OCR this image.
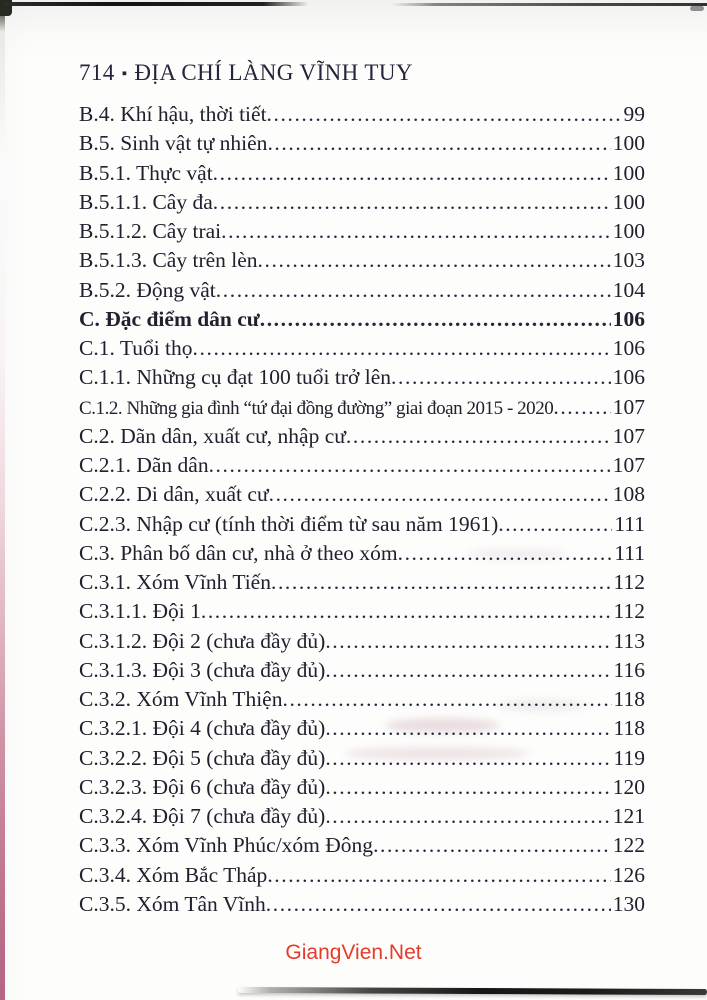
714 ▪ ĐỊA CHÍ LÀNG VĨNH TUY
B.4. Khí hậu, thời tiết .....	99
B.5. Sinh vật tự nhiên .....	100
B.5.1. Thực vật .....	100
B.5.1.1. Cây đa .....	100
B.5.1.2. Cây trai .....	100
B.5.1.3. Cây trên lèn .....	103
B.5.2. Động vật .....	104
C. Đặc điểm dân cư .....	106
C.1. Tuổi thọ .....	106
C.1.1. Những cụ đạt 100 tuổi trở lên .....	106
C.1.2. Những gia đình “tứ đại đồng đường” giai đoạn 2015 - 2020 .....	107
C.2. Dãn dân, xuất cư, nhập cư .....	107
C.2.1. Dãn dân .....	107
C.2.2. Di dân, xuất cư .....	108
C.2.3. Nhập cư (tính thời điểm từ sau năm 1961) .....	111
C.3. Phân bố dân cư, nhà ở theo xóm .....	111
C.3.1. Xóm Vĩnh Tiến .....	112
C.3.1.1. Đội 1 .....	112
C.3.1.2. Đội 2 (chưa đầy đủ) .....	113
C.3.1.3. Đội 3 (chưa đầy đủ) .....	116
C.3.2. Xóm Vĩnh Thiện .....	118
C.3.2.1. Đội 4 (chưa đầy đủ) .....	118
C.3.2.2. Đội 5 (chưa đầy đủ) .....	119
C.3.2.3. Đội 6 (chưa đầy đủ) .....	120
C.3.2.4. Đội 7 (chưa đầy đủ) .....	121
C.3.3. Xóm Vĩnh Phúc/xóm Đông .....	122
C.3.4. Xóm Bắc Tháp .....	126
C.3.5. Xóm Tân Vĩnh .....	130
GiangVien.Net
